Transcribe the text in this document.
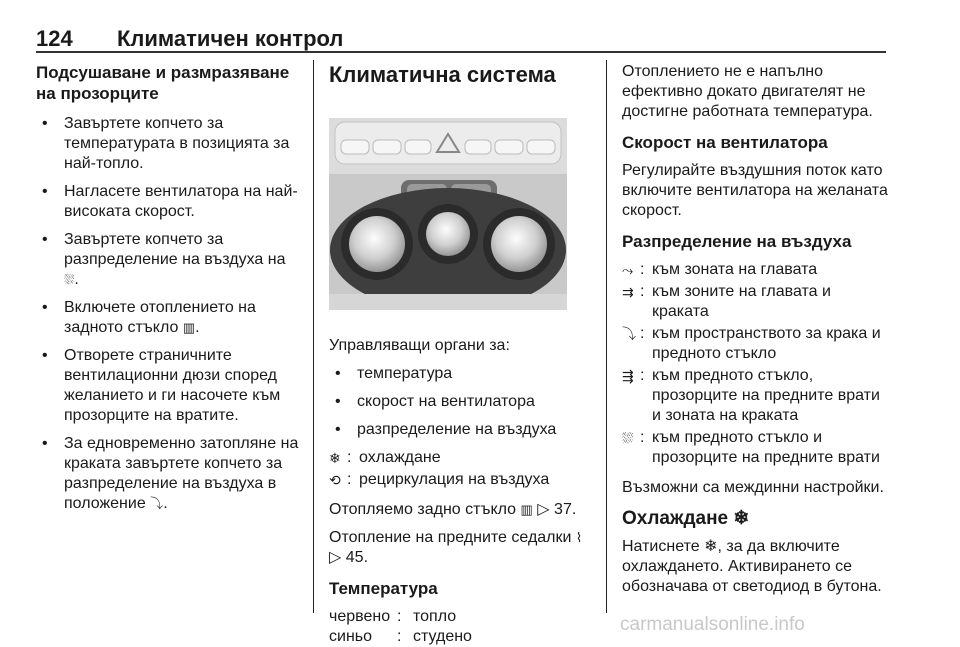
124 Климатичен контрол
Подсушаване и размразяване на прозорците
• Завъртете копчето за температурата в позицията за най-топло.
• Нагласете вентилатора на най-високата скорост.
• Завъртете копчето за разпределение на въздуха на
⛆.
• Включете отоплението на задното стъкло ▥.
• Отворете страничните вентилационни дюзи според желанието и ги насочете към прозорците на вратите.
• За едновременно затопляне на краката завъртете копчето за разпределение на въздуха в положение ⤵.
Климатична система

Управляващи органи за:

• температура
• скорост на вентилатора
• разпределение на въздуха
❄ : охлаждане
⟲ : рециркулация на въздуха

Отопляемо задно стъкло ▥ ▷ 37.

Отопление на предните седалки ⌇
▷ 45.

Температура
червено : топло
синьо	: студено

Отоплението не е напълно ефективно докато двигателят не достигне работната температура.

Скорост на вентилатора

Регулирайте въздушния поток като включите вентилатора на желаната скорост.

Разпределение на въздуха
⤳ : към зоната на главата
⇉ : към зоните на главата и краката
⤵ : към пространството за крака и предното стъкло
⇶ : към предното стъкло, прозорците на предните врати и зоната на краката
⛆ : към предното стъкло и прозорците на предните врати

Възможни са междинни настройки.

Охлаждане ❄

Натиснете ❄, за да включите охлаждането. Активирането се обозначава от светодиод в бутона.

carmanualsonline.info
